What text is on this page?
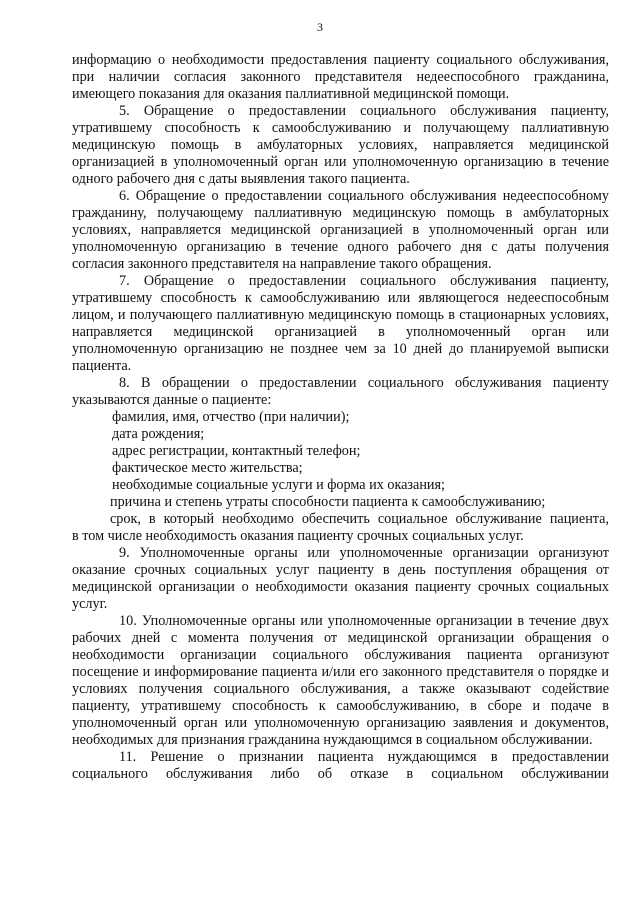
3

информацию о необходимости предоставления пациенту социального обслуживания, при наличии согласия законного представителя недееспособного гражданина, имеющего показания для оказания паллиативной медицинской помощи.

5. Обращение о предоставлении социального обслуживания пациенту, утратившему способность к самообслуживанию и получающему паллиативную медицинскую помощь в амбулаторных условиях, направляется медицинской организацией в уполномоченный орган или уполномоченную организацию в течение одного рабочего дня с даты выявления такого пациента.

6. Обращение о предоставлении социального обслуживания недееспособному гражданину, получающему паллиативную медицинскую помощь в амбулаторных условиях, направляется медицинской организацией в уполномоченный орган или уполномоченную организацию в течение одного рабочего дня с даты получения согласия законного представителя на направление такого обращения.

7. Обращение о предоставлении социального обслуживания пациенту, утратившему способность к самообслуживанию или являющегося недееспособным лицом, и получающего паллиативную медицинскую помощь в стационарных условиях, направляется медицинской организацией в уполномоченный орган или уполномоченную организацию не позднее чем за 10 дней до планируемой выписки пациента.

8. В обращении о предоставлении социального обслуживания пациенту указываются данные о пациенте:

фамилия, имя, отчество (при наличии);

дата рождения;

адрес регистрации, контактный телефон;

фактическое место жительства;

необходимые социальные услуги и форма их оказания;

причина и степень утраты способности пациента к самообслуживанию;

срок, в который необходимо обеспечить социальное обслуживание пациента,

в том числе необходимость оказания пациенту срочных социальных услуг.

9. Уполномоченные органы или уполномоченные организации организуют оказание срочных социальных услуг пациенту в день поступления обращения от медицинской организации о необходимости оказания пациенту срочных социальных услуг.

10. Уполномоченные органы или уполномоченные организации в течение двух рабочих дней с момента получения от медицинской организации обращения о необходимости организации социального обслуживания пациента организуют посещение и информирование пациента и/или его законного представителя о порядке и условиях получения социального обслуживания, а также оказывают содействие пациенту, утратившему способность к самообслуживанию, в сборе и подаче в уполномоченный орган или уполномоченную организацию заявления и документов, необходимых для признания гражданина нуждающимся в социальном обслуживании.

11. Решение о признании пациента нуждающимся в предоставлении социального обслуживания либо об отказе в социальном обслуживании
